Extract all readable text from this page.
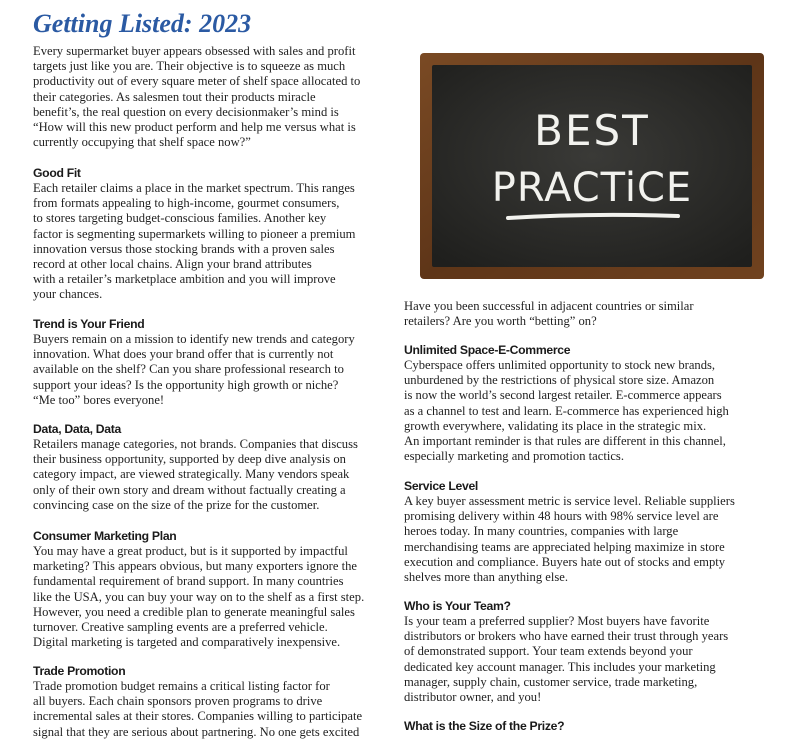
Getting Listed: 2023

Every supermarket buyer appears obsessed with sales and profit

targets just like you are. Their objective is to squeeze as much

productivity out of every square meter of shelf space allocated to

their categories. As salesmen tout their products miracle

benefit’s, the real question on every decisionmaker’s mind is

“How will this new product perform and help me versus what is

currently occupying that shelf space now?”

Good Fit

Each retailer claims a place in the market spectrum. This ranges

from formats appealing to high-income, gourmet consumers,

to stores targeting budget-conscious families. Another key

factor is segmenting supermarkets willing to pioneer a premium

innovation versus those stocking brands with a proven sales

record at other local chains. Align your brand attributes

with a retailer’s marketplace ambition and you will improve

your chances.

Trend is Your Friend

Buyers remain on a mission to identify new trends and category

innovation. What does your brand offer that is currently not

available on the shelf? Can you share professional research to

support your ideas? Is the opportunity high growth or niche?

“Me too” bores everyone!

Data, Data, Data

Retailers manage categories, not brands. Companies that discuss

their business opportunity, supported by deep dive analysis on

category impact, are viewed strategically. Many vendors speak

only of their own story and dream without factually creating a

convincing case on the size of the prize for the customer.

Consumer Marketing Plan

You may have a great product, but is it supported by impactful

marketing? This appears obvious, but many exporters ignore the

fundamental requirement of brand support. In many countries

like the USA, you can buy your way on to the shelf as a first step.

However, you need a credible plan to generate meaningful sales

turnover. Creative sampling events are a preferred vehicle.

Digital marketing is targeted and comparatively inexpensive.

Trade Promotion

Trade promotion budget remains a critical listing factor for

all buyers. Each chain sponsors proven programs to drive

incremental sales at their stores. Companies willing to participate

signal that they are serious about partnering. No one gets excited

BEST
PRACTiCE

Have you been successful in adjacent countries or similar

retailers? Are you worth “betting” on?

Unlimited Space-E-Commerce

Cyberspace offers unlimited opportunity to stock new brands,

unburdened by the restrictions of physical store size. Amazon

is now the world’s second largest retailer. E-commerce appears

as a channel to test and learn. E-commerce has experienced high

growth everywhere, validating its place in the strategic mix.

An important reminder is that rules are different in this channel,

especially marketing and promotion tactics.

Service Level

A key buyer assessment metric is service level. Reliable suppliers

promising delivery within 48 hours with 98% service level are

heroes today. In many countries, companies with large

merchandising teams are appreciated helping maximize in store

execution and compliance. Buyers hate out of stocks and empty

shelves more than anything else.

Who is Your Team?

Is your team a preferred supplier? Most buyers have favorite

distributors or brokers who have earned their trust through years

of demonstrated support. Your team extends beyond your

dedicated key account manager. This includes your marketing

manager, supply chain, customer service, trade marketing,

distributor owner, and you!

What is the Size of the Prize?
